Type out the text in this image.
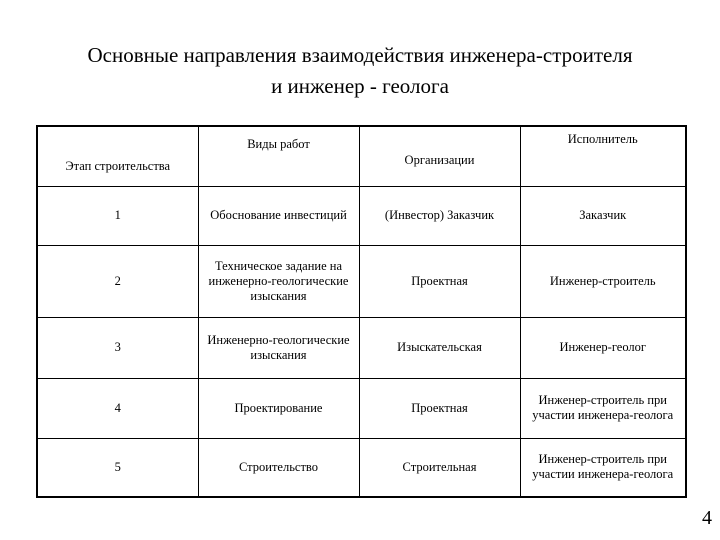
Основные направления взаимодействия инженера-строителя
и инженер - геолога
Этап строительства	Виды работ	Организации	Исполнитель
1	Обоснование инвестиций	(Инвестор) Заказчик	Заказчик
2	Техническое задание на инженерно-геологические изыскания	Проектная	Инженер-строитель
3	Инженерно-геологические изыскания	Изыскательская	Инженер-геолог
4	Проектирование	Проектная	Инженер-строитель при участии инженера-геолога
5	Строительство	Строительная	Инженер-строитель при участии инженера-геолога
4
